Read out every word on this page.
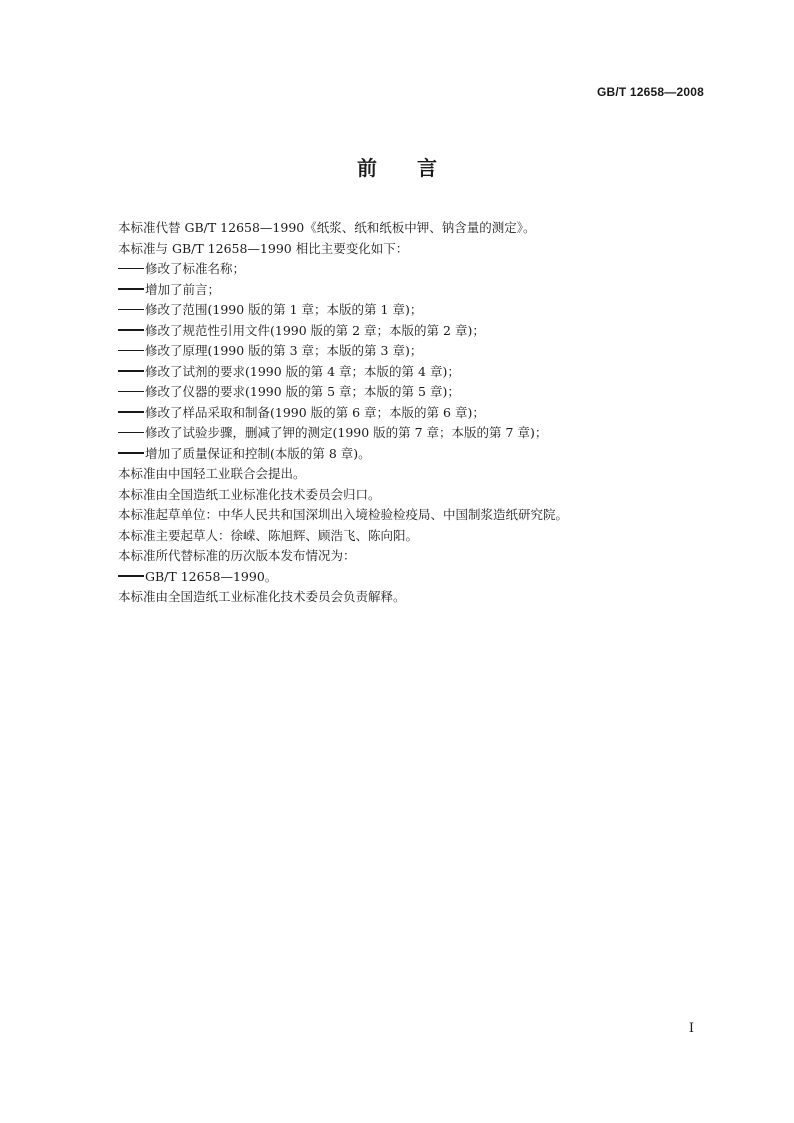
GB/T 12658—2008
前言
本标准代替 GB/T 12658—1990《纸浆、纸和纸板中钾、钠含量的测定》。
本标准与 GB/T 12658—1990 相比主要变化如下：
修改了标准名称；
增加了前言；
修改了范围(1990 版的第 1 章；本版的第 1 章)；
修改了规范性引用文件(1990 版的第 2 章；本版的第 2 章)；
修改了原理(1990 版的第 3 章；本版的第 3 章)；
修改了试剂的要求(1990 版的第 4 章；本版的第 4 章)；
修改了仪器的要求(1990 版的第 5 章；本版的第 5 章)；
修改了样品采取和制备(1990 版的第 6 章；本版的第 6 章)；
修改了试验步骤，删减了钾的测定(1990 版的第 7 章；本版的第 7 章)；
增加了质量保证和控制(本版的第 8 章)。
本标准由中国轻工业联合会提出。
本标准由全国造纸工业标准化技术委员会归口。
本标准起草单位：中华人民共和国深圳出入境检验检疫局、中国制浆造纸研究院。
本标准主要起草人：徐嵘、陈旭辉、顾浩飞、陈向阳。
本标准所代替标准的历次版本发布情况为：
GB/T 12658—1990。
本标准由全国造纸工业标准化技术委员会负责解释。
I
